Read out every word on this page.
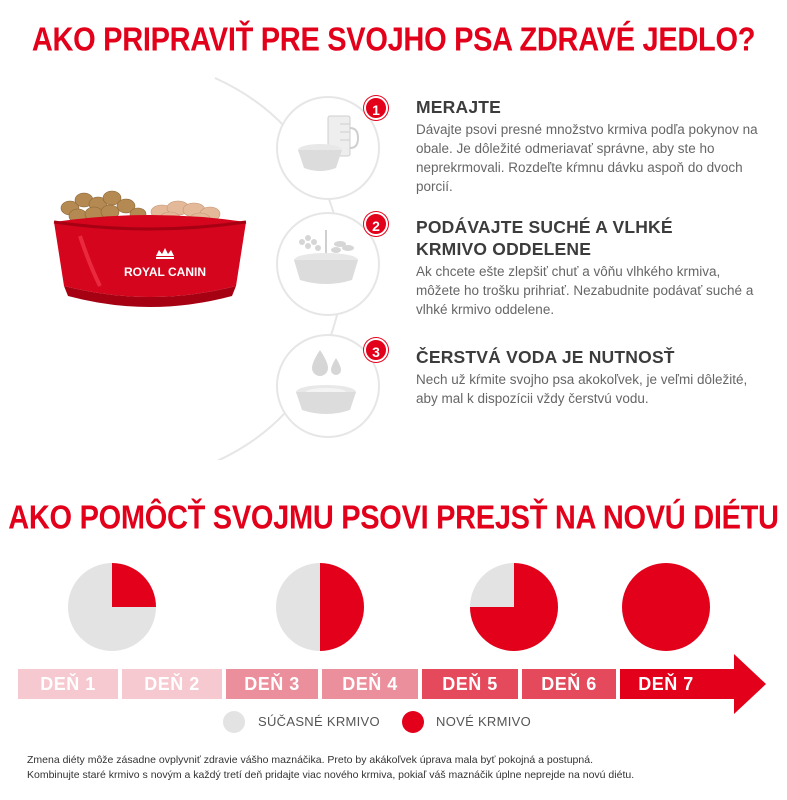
AKO PRIPRAVIŤ PRE SVOJHO PSA ZDRAVÉ JEDLO?
ROYAL CANIN
1	MERAJTE
Dávajte psovi presné množstvo krmiva podľa pokynov na obale. Je dôležité odmeriavať správne, aby ste ho neprekrmovali. Rozdeľte kŕmnu dávku aspoň do dvoch porcií.
2	PODÁVAJTE SUCHÉ A VLHKÉ
KRMIVO ODDELENE
Ak chcete ešte zlepšiť chuť a vôňu vlhkého krmiva, môžete ho trošku prihriať. Nezabudnite podávať suché a vlhké krmivo oddelene.
3	ČERSTVÁ VODA JE NUTNOSŤ
Nech už kŕmite svojho psa akokoľvek, je veľmi dôležité, aby mal k dispozícii vždy čerstvú vodu.
AKO POMÔCŤ SVOJMU PSOVI PREJSŤ NA NOVÚ DIÉTU
DEŇ 1	DEŇ 2	DEŇ 3	DEŇ 4	DEŇ 5	DEŇ 6	DEŇ 7
SÚČASNÉ KRMIVO	NOVÉ KRMIVO
Zmena diéty môže zásadne ovplyvniť zdravie vášho maznáčika. Preto by akákoľvek úprava mala byť pokojná a postupná.
Kombinujte staré krmivo s novým a každý tretí deň pridajte viac nového krmiva, pokiaľ váš maznáčik úplne neprejde na novú diétu.
